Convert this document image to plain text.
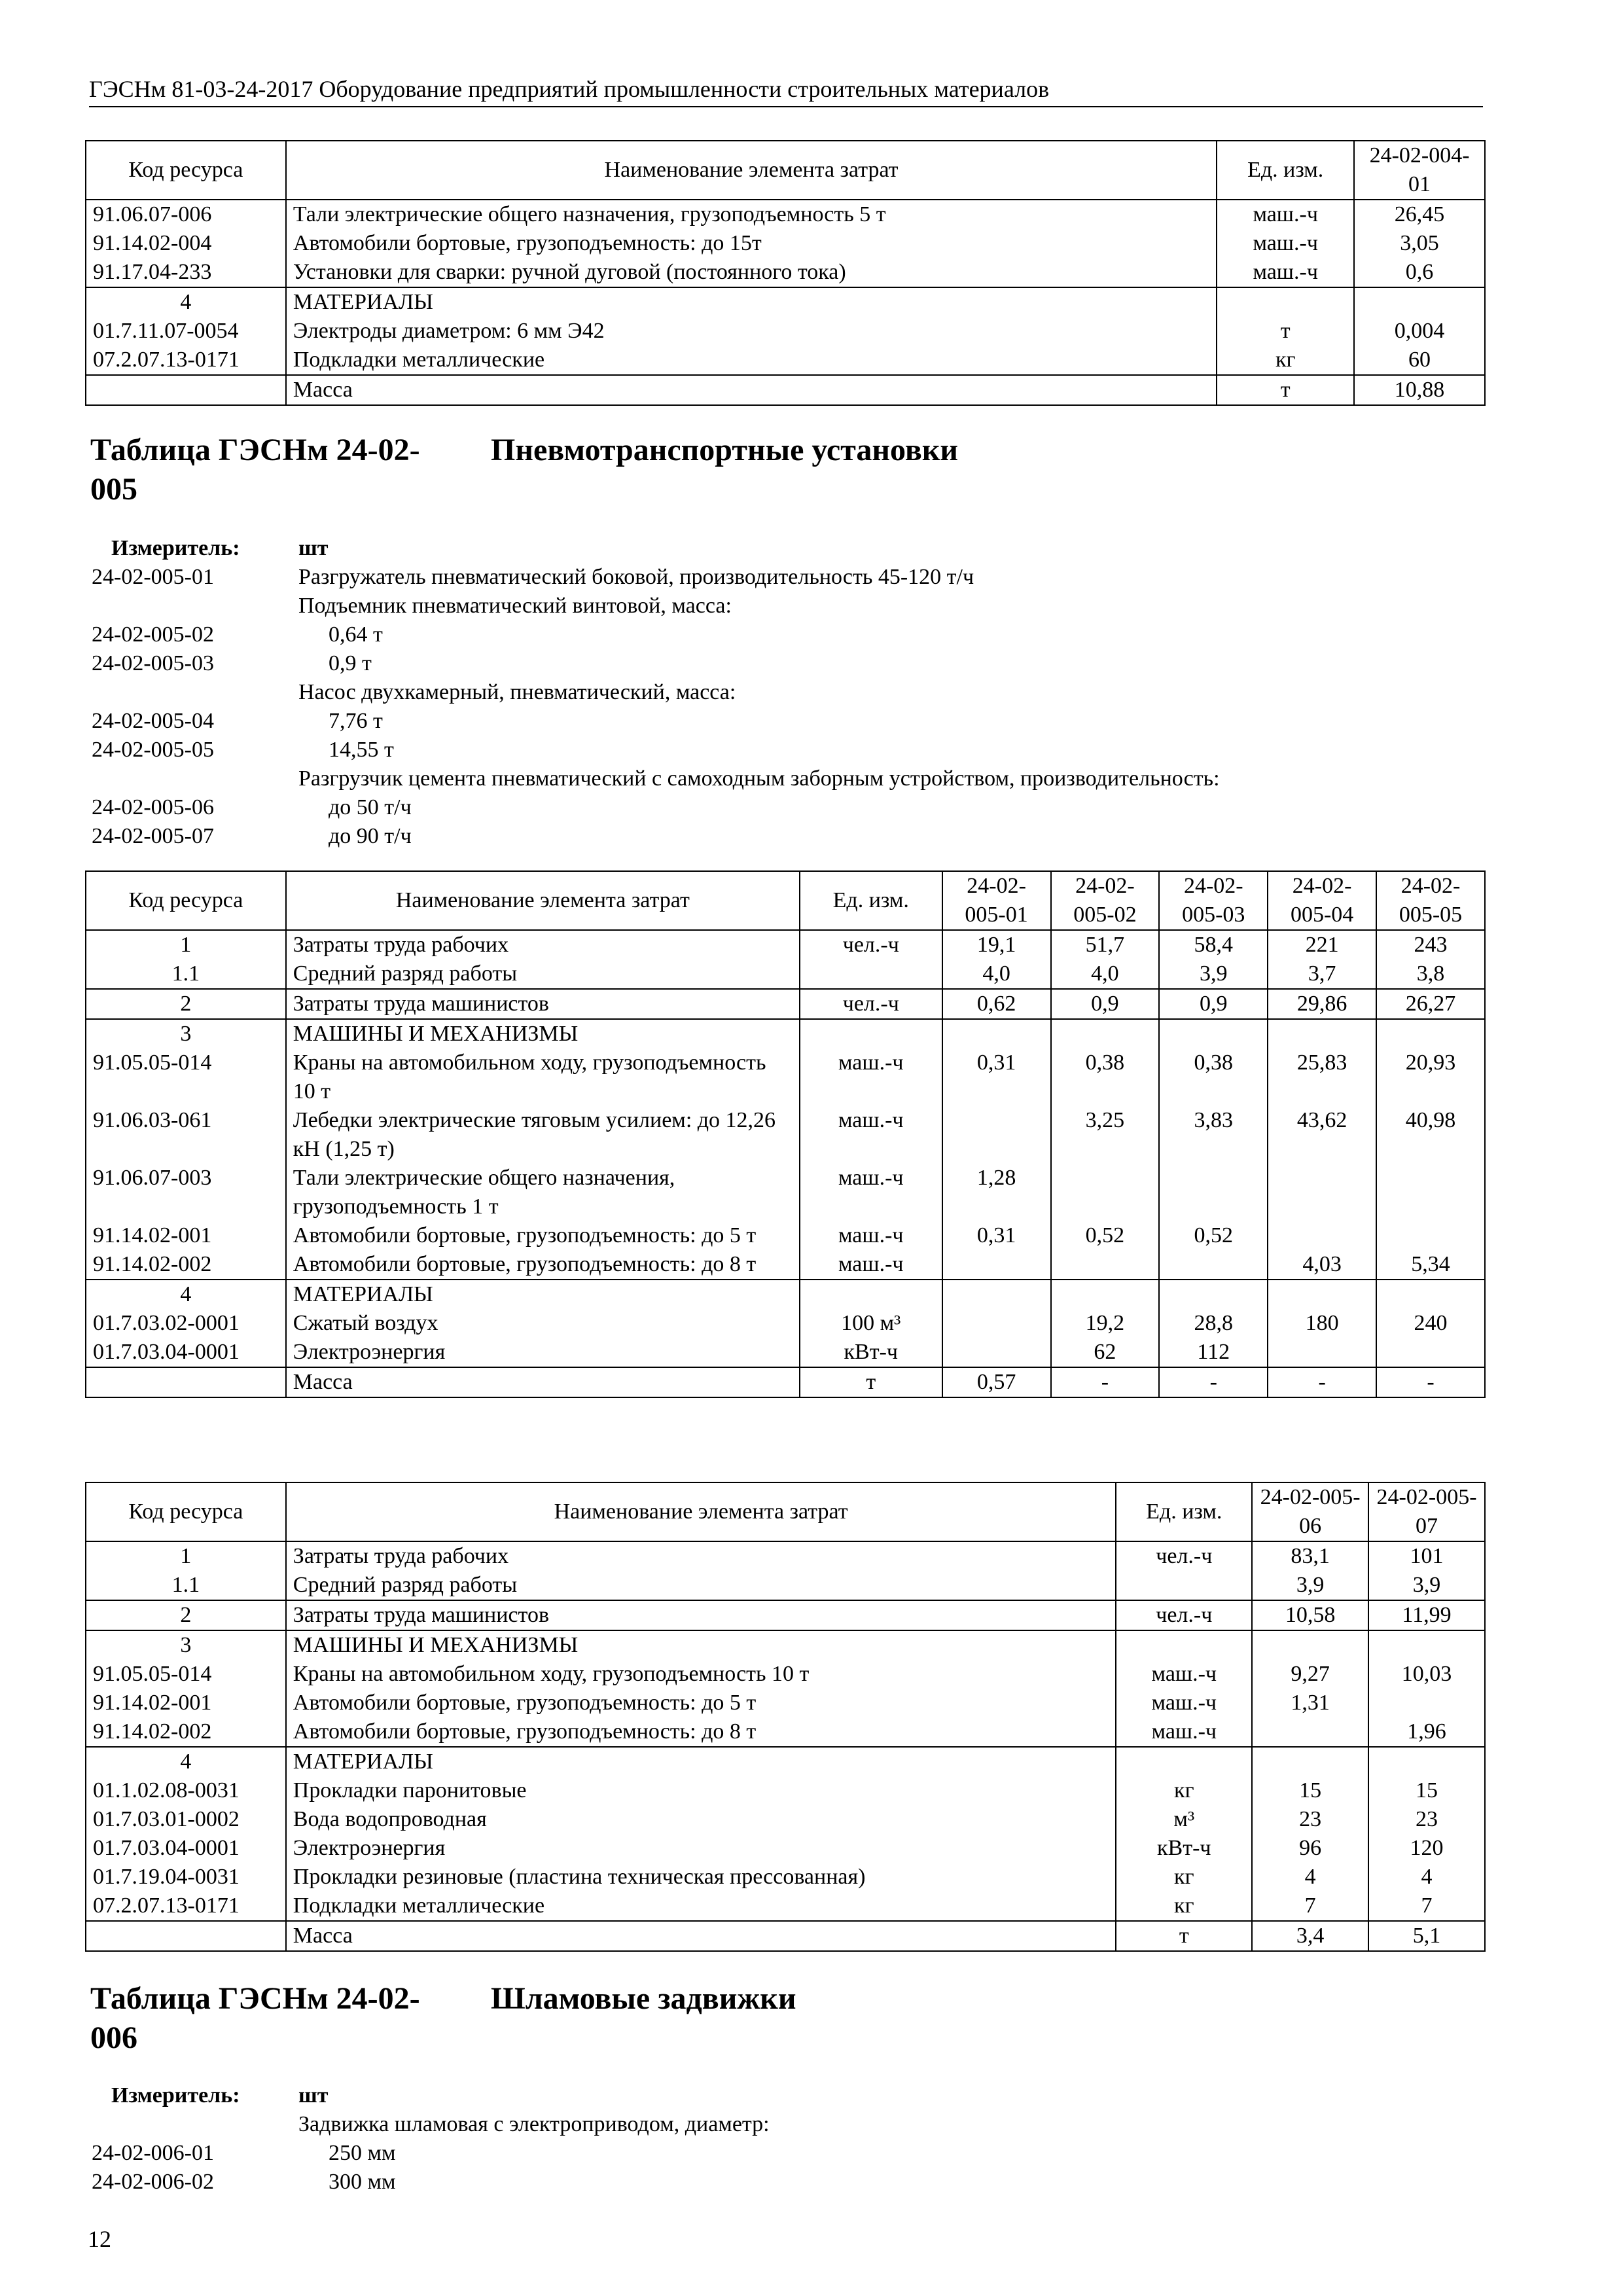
ГЭСНм 81-03-24-2017 Оборудование предприятий промышленности строительных материалов
Код ресурса	Наименование элемента затрат	Ед. изм.	24-02-004-01
91.06.07-006	Тали электрические общего назначения, грузоподъемность 5 т	маш.-ч	26,45
91.14.02-004	Автомобили бортовые, грузоподъемность: до 15т	маш.-ч	3,05
91.17.04-233	Установки для сварки: ручной дуговой (постоянного тока)	маш.-ч	0,6
4	МАТЕРИАЛЫ		
01.7.11.07-0054	Электроды диаметром: 6 мм Э42	т	0,004
07.2.07.13-0171	Подкладки металлические	кг	60
	Масса	т	10,88
Таблица ГЭСНм 24-02-005
Пневмотранспортные установки
Измеритель:	шт
24-02-005-01	Разгружатель пневматический боковой, производительность 45-120 т/ч
Подъемник пневматический винтовой, масса:
24-02-005-02	0,64 т
24-02-005-03	0,9 т
Насос двухкамерный, пневматический, масса:
24-02-005-04	7,76 т
24-02-005-05	14,55 т
Разгрузчик цемента пневматический с самоходным заборным устройством, производительность:
24-02-005-06	до 50 т/ч
24-02-005-07	до 90 т/ч
Код ресурса	Наименование элемента затрат	Ед. изм.	24-02-005-01	24-02-005-02	24-02-005-03	24-02-005-04	24-02-005-05
1	Затраты труда рабочих	чел.-ч	19,1	51,7	58,4	221	243
1.1	Средний разряд работы		4,0	4,0	3,9	3,7	3,8
2	Затраты труда машинистов	чел.-ч	0,62	0,9	0,9	29,86	26,27
3	МАШИНЫ И МЕХАНИЗМЫ						
91.05.05-014	Краны на автомобильном ходу, грузоподъемность 10 т	маш.-ч	0,31	0,38	0,38	25,83	20,93
91.06.03-061	Лебедки электрические тяговым усилием: до 12,26 кН (1,25 т)	маш.-ч		3,25	3,83	43,62	40,98
91.06.07-003	Тали электрические общего назначения, грузоподъемность 1 т	маш.-ч	1,28				
91.14.02-001	Автомобили бортовые, грузоподъемность: до 5 т	маш.-ч	0,31	0,52	0,52		
91.14.02-002	Автомобили бортовые, грузоподъемность: до 8 т	маш.-ч				4,03	5,34
4	МАТЕРИАЛЫ						
01.7.03.02-0001	Сжатый воздух	100 м³		19,2	28,8	180	240
01.7.03.04-0001	Электроэнергия	кВт-ч		62	112		
	Масса	т	0,57	-	-	-	-
Код ресурса	Наименование элемента затрат	Ед. изм.	24-02-005-06	24-02-005-07
1	Затраты труда рабочих	чел.-ч	83,1	101
1.1	Средний разряд работы		3,9	3,9
2	Затраты труда машинистов	чел.-ч	10,58	11,99
3	МАШИНЫ И МЕХАНИЗМЫ			
91.05.05-014	Краны на автомобильном ходу, грузоподъемность 10 т	маш.-ч	9,27	10,03
91.14.02-001	Автомобили бортовые, грузоподъемность: до 5 т	маш.-ч	1,31	
91.14.02-002	Автомобили бортовые, грузоподъемность: до 8 т	маш.-ч		1,96
4	МАТЕРИАЛЫ			
01.1.02.08-0031	Прокладки паронитовые	кг	15	15
01.7.03.01-0002	Вода водопроводная	м³	23	23
01.7.03.04-0001	Электроэнергия	кВт-ч	96	120
01.7.19.04-0031	Прокладки резиновые (пластина техническая прессованная)	кг	4	4
07.2.07.13-0171	Подкладки металлические	кг	7	7
	Масса	т	3,4	5,1
Таблица ГЭСНм 24-02-006
Шламовые задвижки
Измеритель:	шт
Задвижка шламовая с электроприводом, диаметр:
24-02-006-01	250 мм
24-02-006-02	300 мм
12
